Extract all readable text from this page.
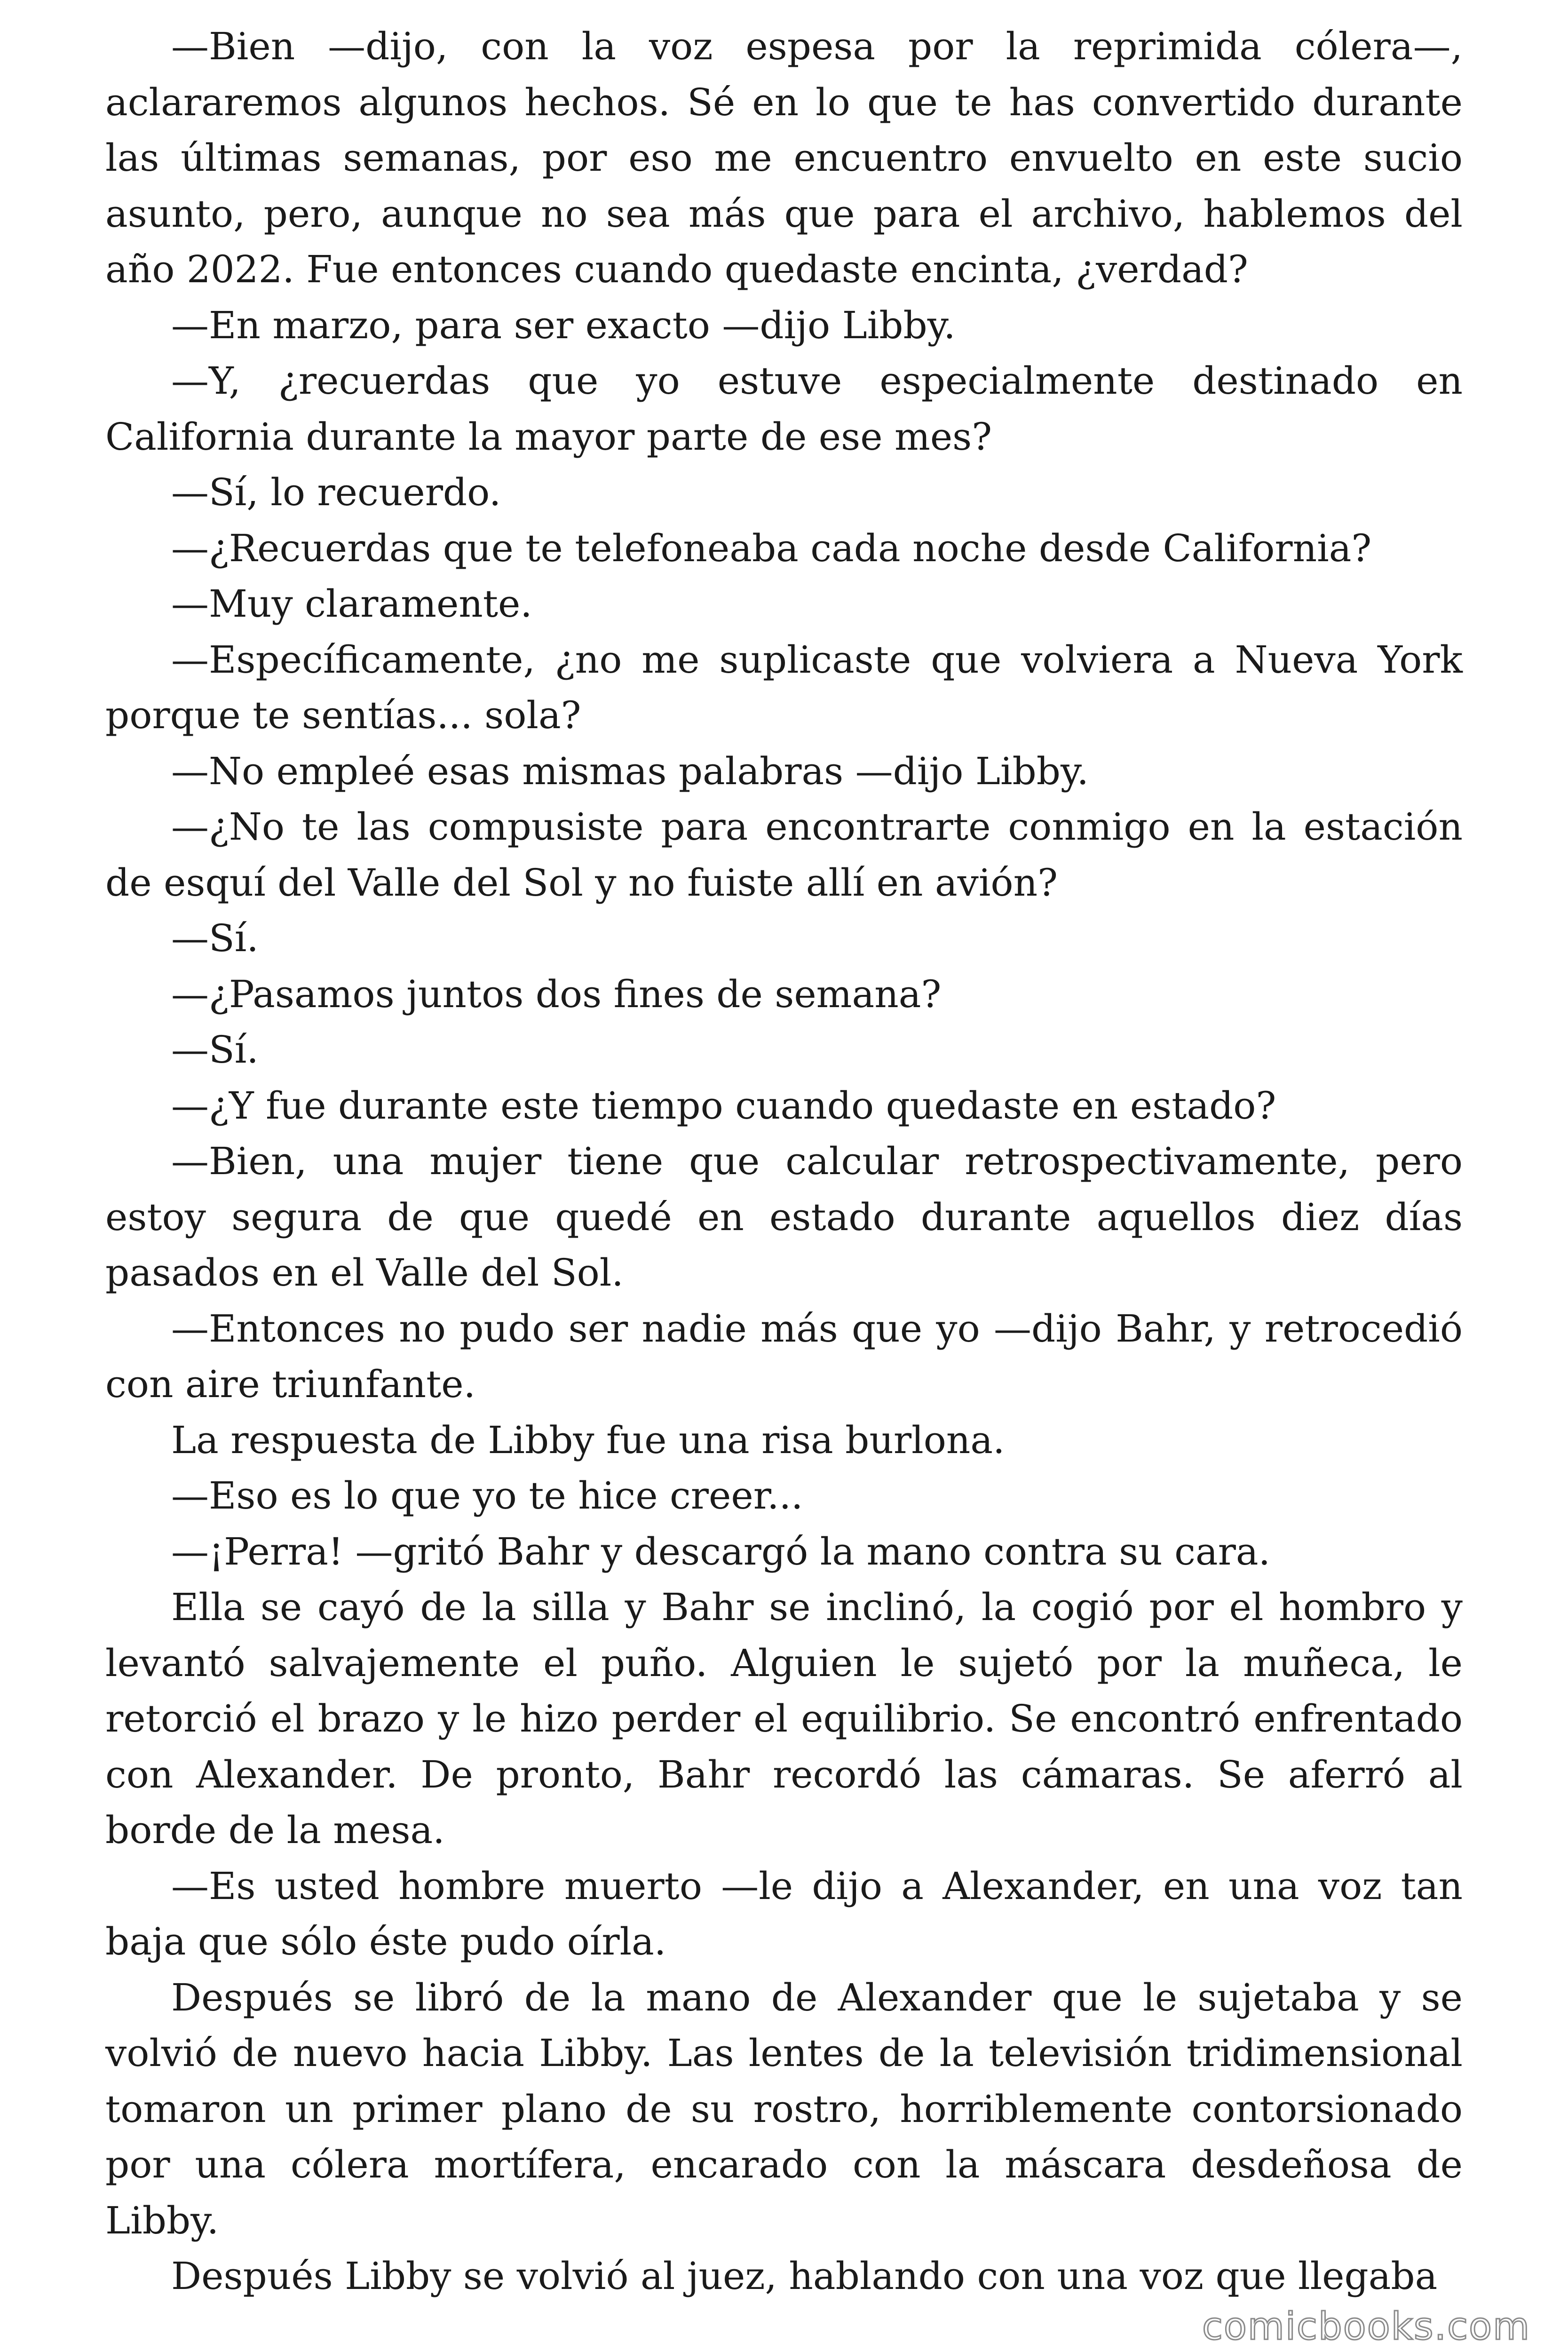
—Bien —dijo, con la voz espesa por la reprimida cólera—, aclararemos algunos hechos. Sé en lo que te has convertido durante las últimas semanas, por eso me encuentro envuelto en este sucio asunto, pero, aunque no sea más que para el archivo, hablemos del año 2022. Fue entonces cuando quedaste encinta, ¿verdad?

—En marzo, para ser exacto —dijo Libby.

—Y, ¿recuerdas que yo estuve especialmente destinado en California durante la mayor parte de ese mes?

—Sí, lo recuerdo.

—¿Recuerdas que te telefoneaba cada noche desde California?

—Muy claramente.

—Específicamente, ¿no me suplicaste que volviera a Nueva York porque te sentías... sola?

—No empleé esas mismas palabras —dijo Libby.

—¿No te las compusiste para encontrarte conmigo en la estación de esquí del Valle del Sol y no fuiste allí en avión?

—Sí.

—¿Pasamos juntos dos fines de semana?

—Sí.

—¿Y fue durante este tiempo cuando quedaste en estado?

—Bien, una mujer tiene que calcular retrospectivamente, pero estoy segura de que quedé en estado durante aquellos diez días pasados en el Valle del Sol.

—Entonces no pudo ser nadie más que yo —dijo Bahr, y retrocedió con aire triunfante.

La respuesta de Libby fue una risa burlona.

—Eso es lo que yo te hice creer...

—¡Perra! —gritó Bahr y descargó la mano contra su cara.

Ella se cayó de la silla y Bahr se inclinó, la cogió por el hombro y levantó salvajemente el puño. Alguien le sujetó por la muñeca, le retorció el brazo y le hizo perder el equilibrio. Se encontró enfrentado con Alexander. De pronto, Bahr recordó las cámaras. Se aferró al borde de la mesa.

—Es usted hombre muerto —le dijo a Alexander, en una voz tan baja que sólo éste pudo oírla.

Después se libró de la mano de Alexander que le sujetaba y se volvió de nuevo hacia Libby. Las lentes de la televisión tridimensional tomaron un primer plano de su rostro, horriblemente contorsionado por una cólera mortífera, encarado con la máscara desdeñosa de Libby.

Después Libby se volvió al juez, hablando con una voz que llegaba

comicbooks.com
